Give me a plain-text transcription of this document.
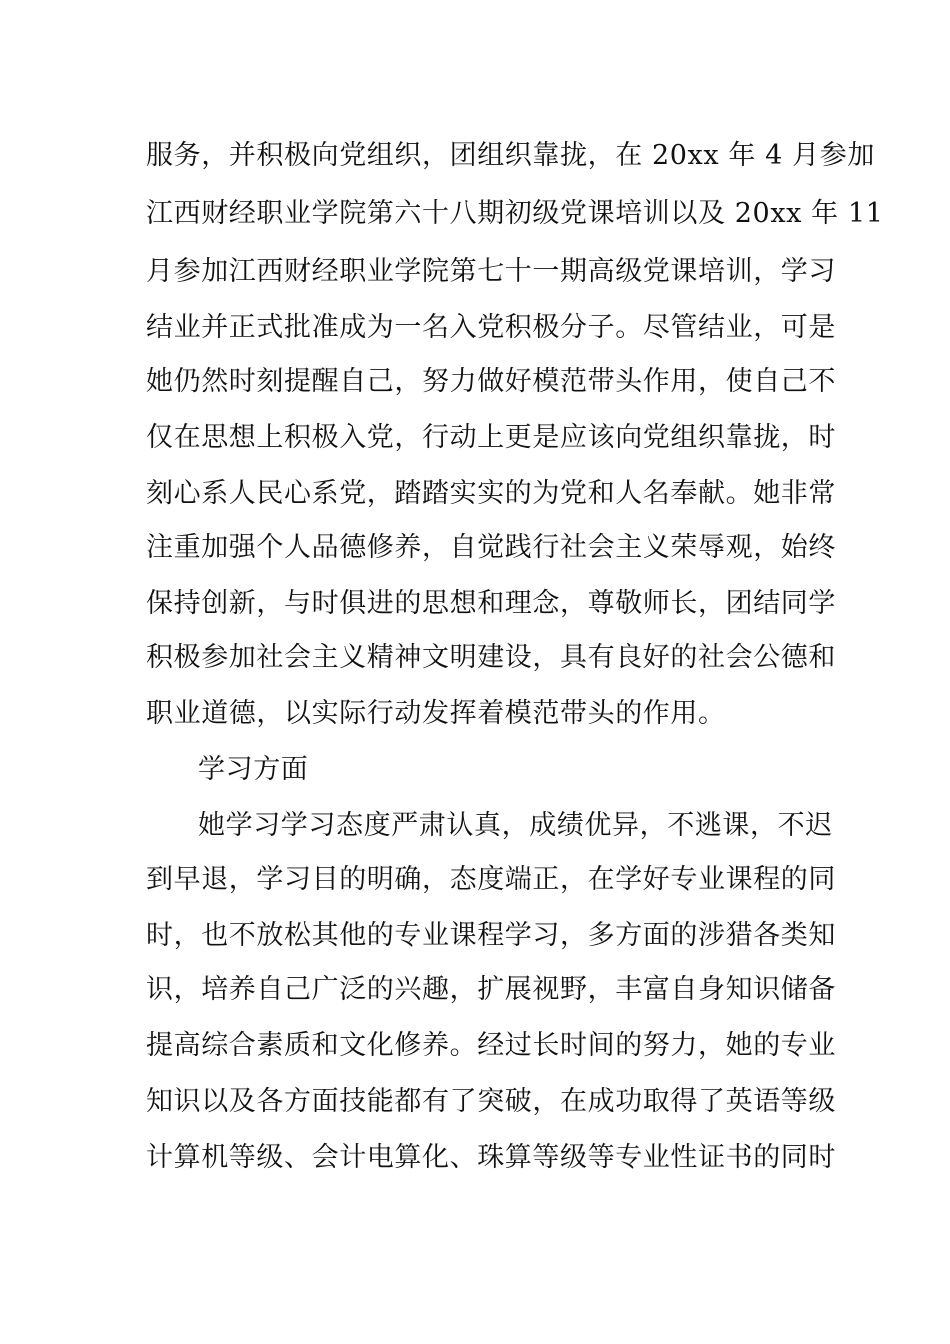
服务，并积极向党组织，团组织靠拢，在 20xx 年 4 月参加
江西财经职业学院第六十八期初级党课培训以及 20xx 年 11
月参加江西财经职业学院第七十一期高级党课培训，学习
结业并正式批准成为一名入党积极分子。尽管结业，可是
她仍然时刻提醒自己，努力做好模范带头作用，使自己不
仅在思想上积极入党，行动上更是应该向党组织靠拢，时
刻心系人民心系党，踏踏实实的为党和人名奉献。她非常
注重加强个人品德修养，自觉践行社会主义荣辱观，始终
保持创新，与时俱进的思想和理念，尊敬师长，团结同学
积极参加社会主义精神文明建设，具有良好的社会公德和
职业道德，以实际行动发挥着模范带头的作用。
学习方面
她学习学习态度严肃认真，成绩优异，不逃课，不迟
到早退，学习目的明确，态度端正，在学好专业课程的同
时，也不放松其他的专业课程学习，多方面的涉猎各类知
识，培养自己广泛的兴趣，扩展视野，丰富自身知识储备
提高综合素质和文化修养。经过长时间的努力，她的专业
知识以及各方面技能都有了突破，在成功取得了英语等级
计算机等级、会计电算化、珠算等级等专业性证书的同时
